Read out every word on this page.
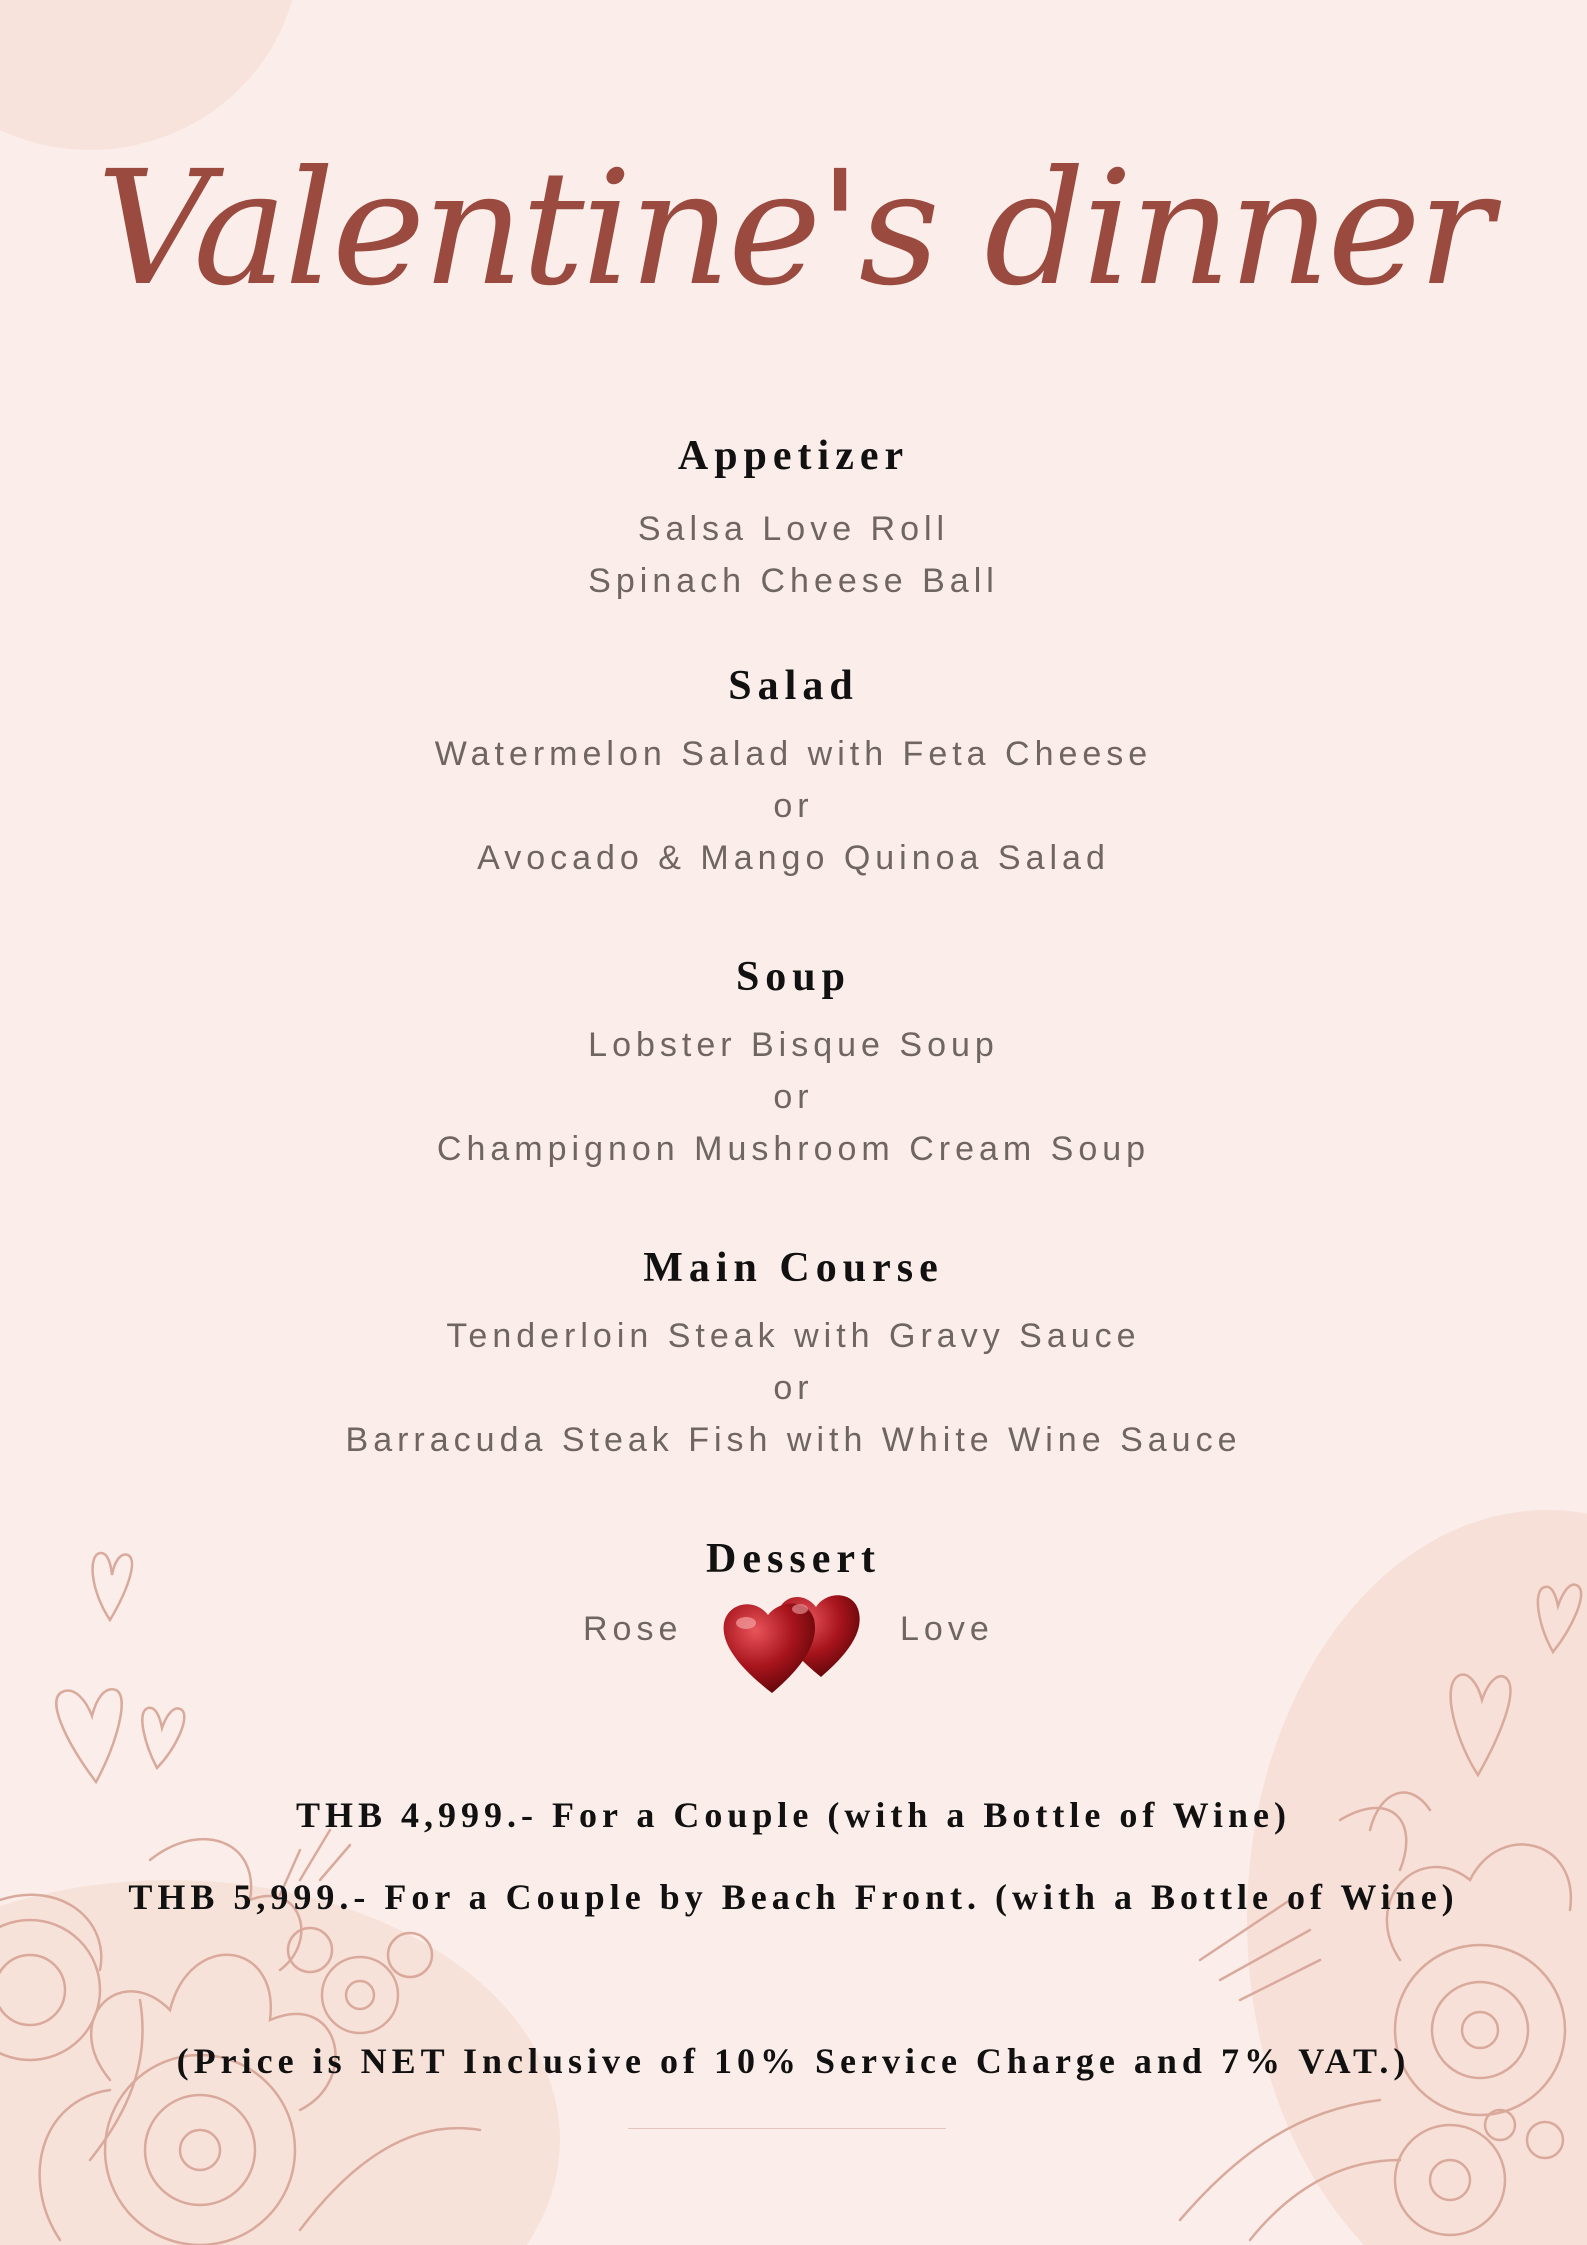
Valentine's dinner
Appetizer
Salsa Love Roll
Spinach Cheese Ball
Salad
Watermelon Salad with Feta Cheese
or
Avocado & Mango Quinoa Salad
Soup
Lobster Bisque Soup
or
Champignon Mushroom Cream Soup
Main Course
Tenderloin Steak with Gravy Sauce
or
Barracuda Steak Fish with White Wine Sauce
Dessert
Rose	Love
THB 4,999.- For a Couple (with a Bottle of Wine)
THB 5,999.- For a Couple by Beach Front. (with a Bottle of Wine)
(Price is NET Inclusive of 10% Service Charge and 7% VAT.)
